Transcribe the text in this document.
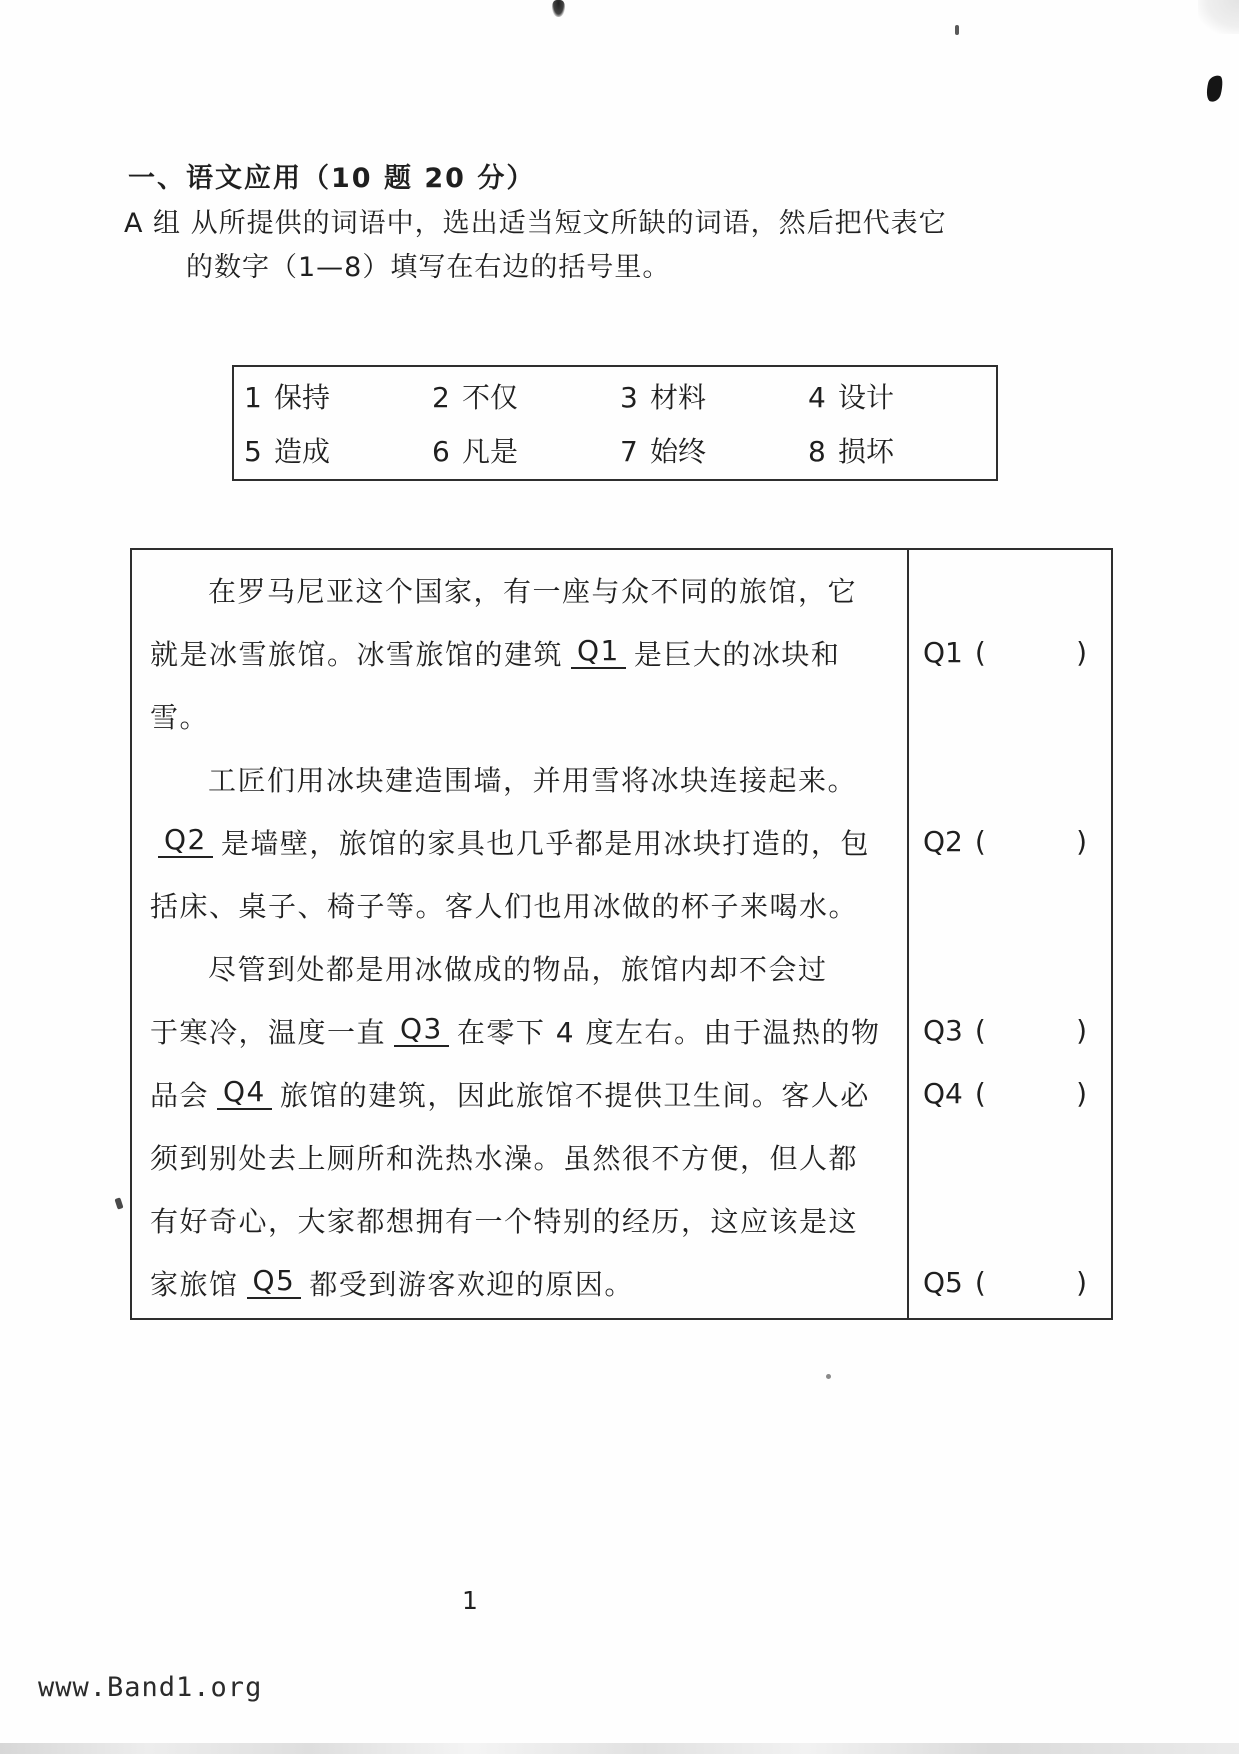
一、语文应用（10 题 20 分）
A 组 从所提供的词语中，选出适当短文所缺的词语，然后把代表它
的数字（1—8）填写在右边的括号里。
1 保持	2 不仅	3 材料	4 设计
5 造成	6 凡是	7 始终	8 损坏
在罗马尼亚这个国家，有一座与众不同的旅馆，它
就是冰雪旅馆。冰雪旅馆的建筑 Q1 是巨大的冰块和
雪。
工匠们用冰块建造围墙，并用雪将冰块连接起来。
Q2 是墙壁，旅馆的家具也几乎都是用冰块打造的，包
括床、桌子、椅子等。客人们也用冰做的杯子来喝水。
尽管到处都是用冰做成的物品，旅馆内却不会过
于寒冷，温度一直 Q3 在零下 4 度左右。由于温热的物
品会 Q4 旅馆的建筑，因此旅馆不提供卫生间。客人必
须到别处去上厕所和洗热水澡。虽然很不方便，但人都
有好奇心，大家都想拥有一个特别的经历，这应该是这
家旅馆 Q5 都受到游客欢迎的原因。
Q1 (	)
Q2 (	)
Q3 (	)
Q4 (	)
Q5 (	)
1
www.Band1.org
